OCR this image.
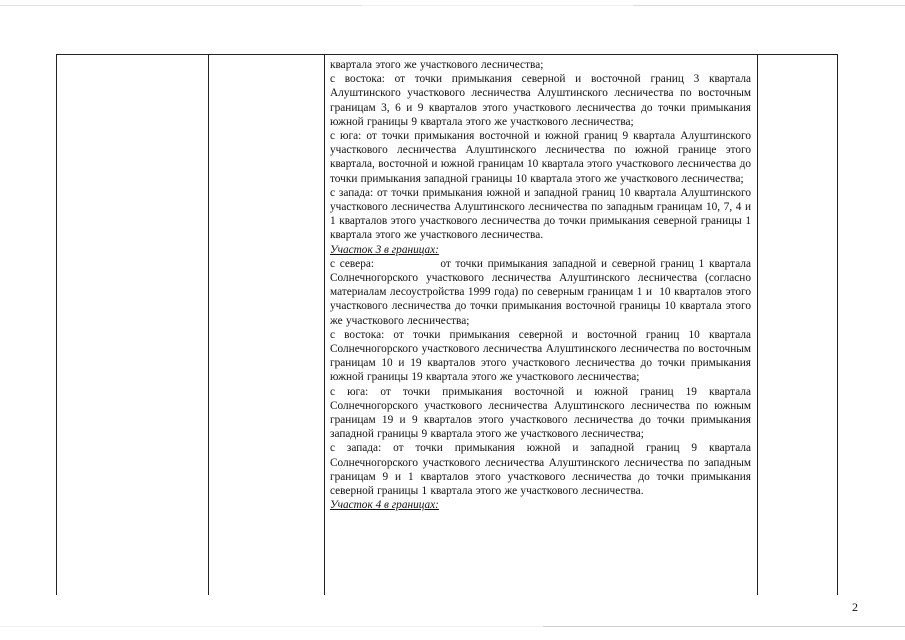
квартала этого же участкового лесничества;

с востока: от точки примыкания северной и восточной границ 3 квартала Алуштинского участкового лесничества Алуштинского лесничества по восточным границам 3, 6 и 9 кварталов этого участкового лесничества до точки примыкания южной границы 9 квартала этого же участкового лесничества;

с юга: от точки примыкания восточной и южной границ 9 квартала Алуштинского участкового лесничества Алуштинского лесничества по южной границе этого квартала, восточной и южной границам 10 квартала этого участкового лесничества до точки примыкания западной границы 10 квартала этого же участкового лесничества;

с запада: от точки примыкания южной и западной границ 10 квартала Алуштинского участкового лесничества Алуштинского лесничества по западным границам 10, 7, 4 и 1 кварталов этого участкового лесничества до точки примыкания северной границы 1 квартала этого же участкового лесничества.

Участок 3 в границах:

с севера:              от точки примыкания западной и северной границ 1 квартала Солнечногорского участкового лесничества Алуштинского лесничества (согласно материалам лесоустройства 1999 года) по северным границам 1 и  10 кварталов этого участкового лесничества до точки примыкания восточной границы 10 квартала этого же участкового лесничества;

с востока: от точки примыкания северной и восточной границ 10 квартала Солнечногорского участкового лесничества Алуштинского лесничества по восточным границам 10 и 19 кварталов этого участкового лесничества до точки примыкания южной границы 19 квартала этого же участкового лесничества;

с юга: от точки примыкания восточной и южной границ 19 квартала Солнечногорского участкового лесничества Алуштинского лесничества по южным границам 19 и 9 кварталов этого участкового лесничества до точки примыкания западной границы 9 квартала этого же участкового лесничества;

с запада: от точки примыкания южной и западной границ 9 квартала Солнечногорского участкового лесничества Алуштинского лесничества по западным границам 9 и 1 кварталов этого участкового лесничества до точки примыкания северной границы 1 квартала этого же участкового лесничества.

Участок 4 в границах:

2
